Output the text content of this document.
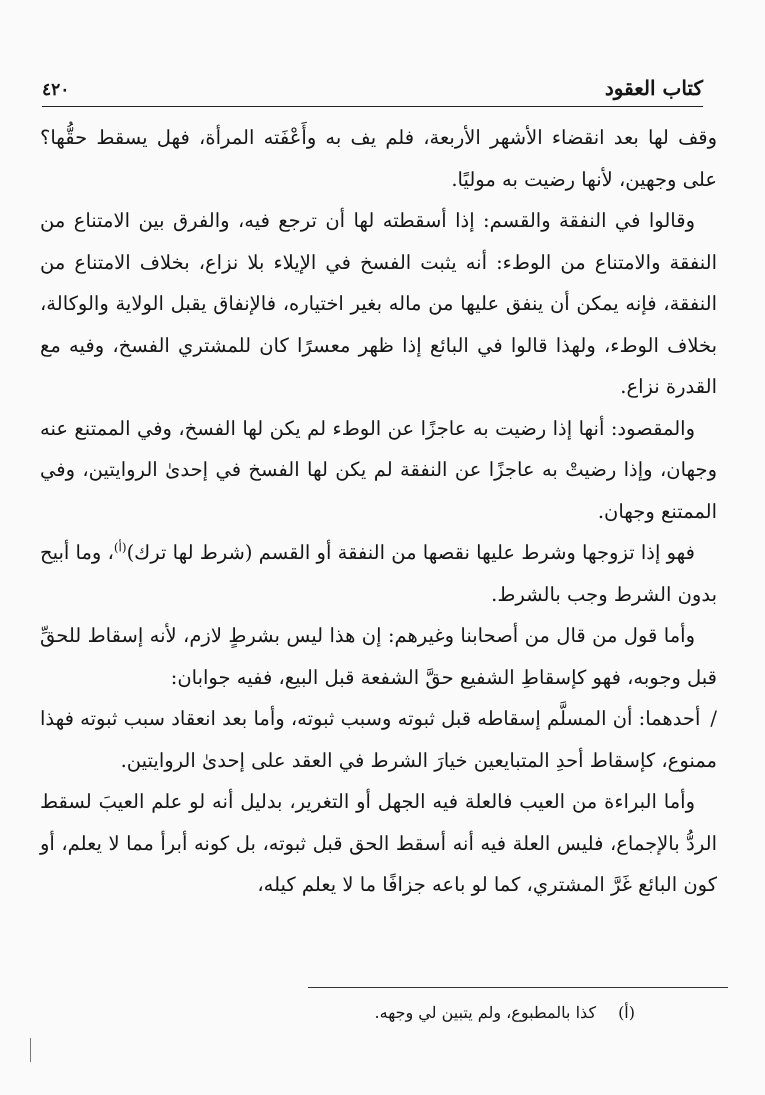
كتاب العقود
٤٢٠

وقف لها بعد انقضاء الأشهر الأربعة، فلم يف به وأَعْفَته المرأة، فهل يسقط حقُّها؟ على وجهين، لأنها رضيت به موليًا.

وقالوا في النفقة والقسم: إذا أسقطته لها أن ترجع فيه، والفرق بين الامتناع من النفقة والامتناع من الوطء: أنه يثبت الفسخ في الإيلاء بلا نزاع، بخلاف الامتناع من النفقة، فإنه يمكن أن ينفق عليها من ماله بغير اختياره، فالإنفاق يقبل الولاية والوكالة، بخلاف الوطء، ولهذا قالوا في البائع إذا ظهر معسرًا كان للمشتري الفسخ، وفيه مع القدرة نزاع.

والمقصود: أنها إذا رضيت به عاجزًا عن الوطء لم يكن لها الفسخ، وفي الممتنع عنه وجهان، وإذا رضيتْ به عاجزًا عن النفقة لم يكن لها الفسخ في إحدىٰ الروايتين، وفي الممتنع وجهان.

فهو إذا تزوجها وشرط عليها نقصها من النفقة أو القسم (شرط لها ترك)$^{(أ)}$، وما أبيح بدون الشرط وجب بالشرط.

وأما قول من قال من أصحابنا وغيرهم: إن هذا ليس بشرطٍ لازم، لأنه إسقاط للحقِّ قبل وجوبه، فهو كإسقاطِ الشفيع حقَّ الشفعة قبل البيع، ففيه جوابان:

/أحدهما: أن المسلَّم إسقاطه قبل ثبوته وسبب ثبوته، وأما بعد انعقاد سبب ثبوته فهذا ممنوع، كإسقاط أحدِ المتبايعين خيارَ الشرط في العقد على إحدىٰ الروايتين.

وأما البراءة من العيب فالعلة فيه الجهل أو التغرير، بدليل أنه لو علم العيبَ لسقط الردُّ بالإجماع، فليس العلة فيه أنه أسقط الحق قبل ثبوته، بل كونه أبرأ مما لا يعلم، أو كون البائع غَرَّ المشتري، كما لو باعه جزافًا ما لا يعلم كيله،

(أ)كذا بالمطبوع، ولم يتبين لي وجهه.
